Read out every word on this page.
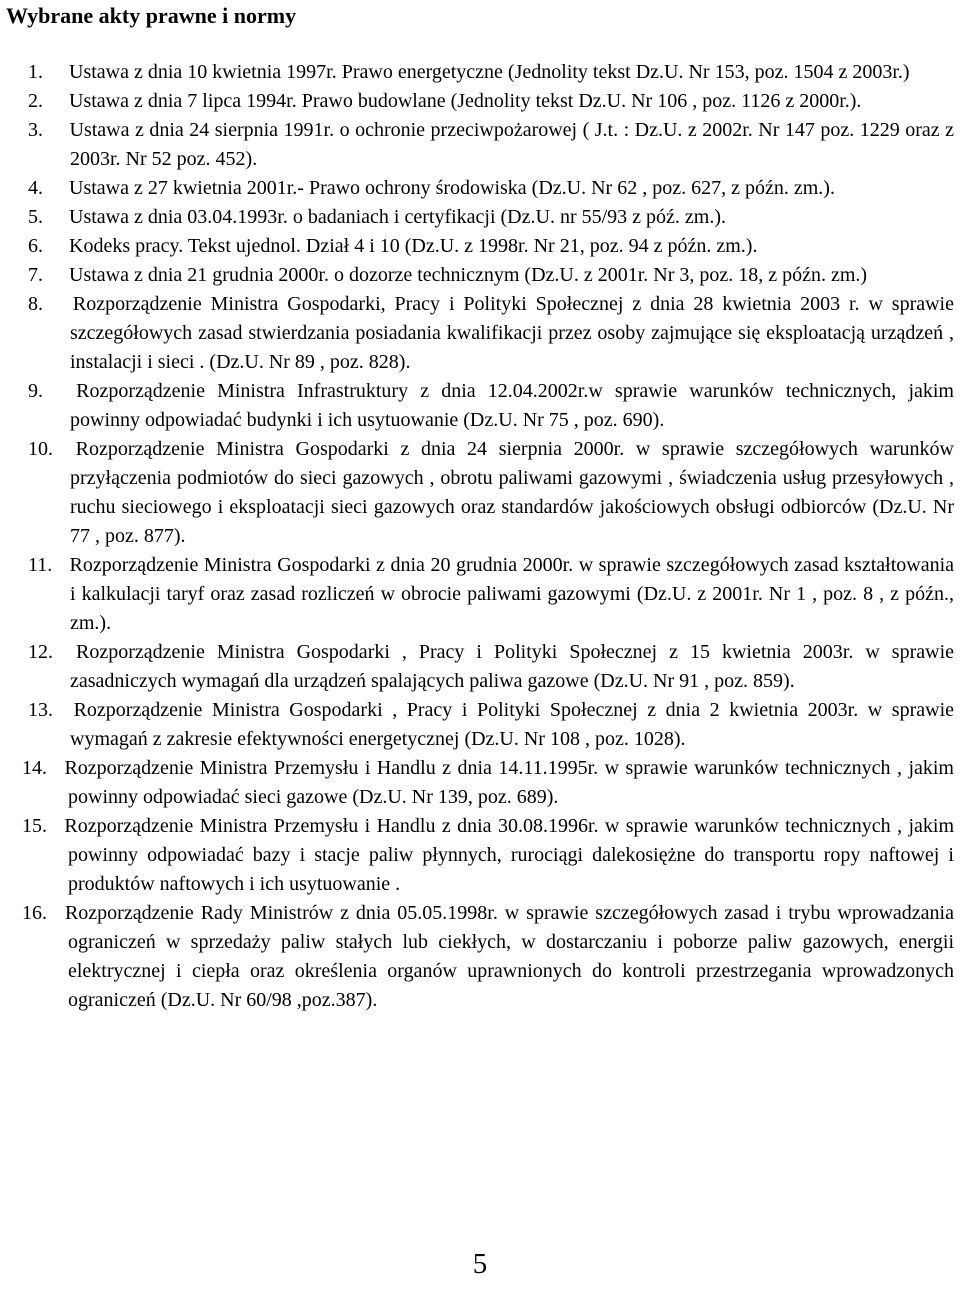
Wybrane akty prawne i normy

1. Ustawa z dnia 10 kwietnia 1997r. Prawo energetyczne (Jednolity tekst Dz.U. Nr 153, poz. 1504 z 2003r.)

2. Ustawa z dnia 7 lipca 1994r. Prawo budowlane (Jednolity tekst Dz.U. Nr 106 , poz. 1126 z 2000r.).

3. Ustawa z dnia 24 sierpnia 1991r. o ochronie przeciwpożarowej ( J.t. : Dz.U. z 2002r. Nr 147 poz. 1229 oraz z 2003r. Nr 52 poz. 452).

4. Ustawa z 27 kwietnia 2001r.- Prawo ochrony środowiska (Dz.U. Nr 62 , poz. 627, z późn. zm.).

5. Ustawa z dnia 03.04.1993r. o badaniach i certyfikacji (Dz.U. nr 55/93 z póź. zm.).

6. Kodeks pracy. Tekst ujednol. Dział 4 i 10 (Dz.U. z 1998r. Nr 21, poz. 94 z późn. zm.).

7. Ustawa z dnia 21 grudnia 2000r. o dozorze technicznym (Dz.U. z 2001r. Nr 3, poz. 18, z późn. zm.)

8. Rozporządzenie Ministra Gospodarki, Pracy i Polityki Społecznej z dnia 28 kwietnia 2003 r. w sprawie szczegółowych zasad stwierdzania posiadania kwalifikacji przez osoby zajmujące się eksploatacją urządzeń , instalacji i sieci . (Dz.U. Nr 89 , poz. 828).

9. Rozporządzenie Ministra Infrastruktury z dnia 12.04.2002r.w sprawie warunków technicznych, jakim powinny odpowiadać budynki i ich usytuowanie (Dz.U. Nr 75 , poz. 690).

10. Rozporządzenie Ministra Gospodarki z dnia 24 sierpnia 2000r. w sprawie szczegółowych warunków przyłączenia podmiotów do sieci gazowych , obrotu paliwami gazowymi , świadczenia usług przesyłowych , ruchu sieciowego i eksploatacji sieci gazowych oraz standardów jakościowych obsługi odbiorców (Dz.U. Nr 77 , poz. 877).

11. Rozporządzenie Ministra Gospodarki z dnia 20 grudnia 2000r. w sprawie szczegółowych zasad kształtowania i kalkulacji taryf oraz zasad rozliczeń w obrocie paliwami gazowymi (Dz.U. z 2001r. Nr 1 , poz. 8 , z późn., zm.).

12. Rozporządzenie Ministra Gospodarki , Pracy i Polityki Społecznej z 15 kwietnia 2003r. w sprawie zasadniczych wymagań dla urządzeń spalających paliwa gazowe (Dz.U. Nr 91 , poz. 859).

13. Rozporządzenie Ministra Gospodarki , Pracy i Polityki Społecznej z dnia 2 kwietnia 2003r. w sprawie wymagań z zakresie efektywności energetycznej (Dz.U. Nr 108 , poz. 1028).

14. Rozporządzenie Ministra Przemysłu i Handlu z dnia 14.11.1995r. w sprawie warunków technicznych , jakim powinny odpowiadać sieci gazowe (Dz.U. Nr 139, poz. 689).

15. Rozporządzenie Ministra Przemysłu i Handlu z dnia 30.08.1996r. w sprawie warunków technicznych , jakim powinny odpowiadać bazy i stacje paliw płynnych, rurociągi dalekosiężne do transportu ropy naftowej i produktów naftowych i ich usytuowanie .

16. Rozporządzenie Rady Ministrów z dnia 05.05.1998r. w sprawie szczegółowych zasad i trybu wprowadzania ograniczeń w sprzedaży paliw stałych lub ciekłych, w dostarczaniu i poborze paliw gazowych, energii elektrycznej i ciepła oraz określenia organów uprawnionych do kontroli przestrzegania wprowadzonych ograniczeń (Dz.U. Nr 60/98 ,poz.387).

5
